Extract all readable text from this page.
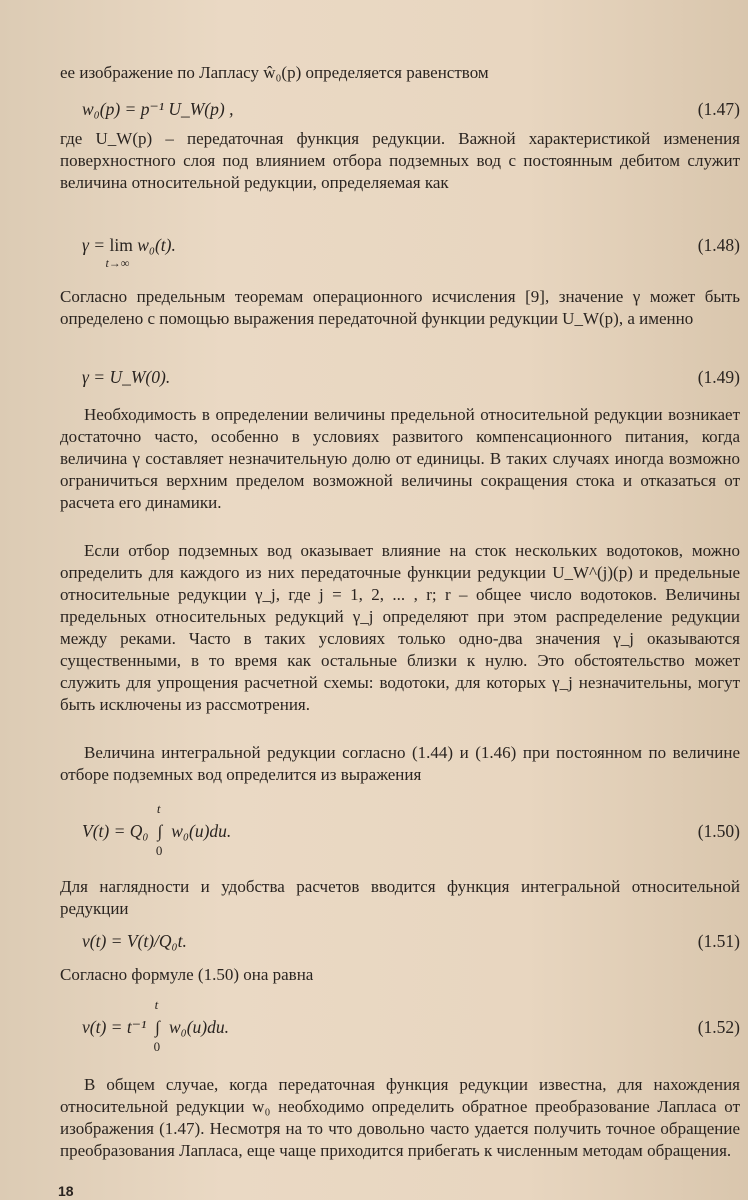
ее изображение по Лапласу ŵ₀(p) определяется равенством

w₀(p) = p⁻¹ U_W(p) ,	(1.47)

где U_W(p) – передаточная функция редукции. Важной характеристикой изменения поверхностного слоя под влиянием отбора подземных вод с постоянным дебитом служит величина относительной редукции, определяемая как

γ = lim
t→∞
w₀(t).	(1.48)

Согласно предельным теоремам операционного исчисления [9], значение γ может быть определено с помощью выражения передаточной функции редукции U_W(p), а именно

γ = U_W(0).	(1.49)

Необходимость в определении величины предельной относительной редукции возникает достаточно часто, особенно в условиях развитого компенсационного питания, когда величина γ составляет незначительную долю от единицы. В таких случаях иногда возможно ограничиться верхним пределом возможной величины сокращения стока и отказаться от расчета его динамики.

Если отбор подземных вод оказывает влияние на сток нескольких водотоков, можно определить для каждого из них передаточные функции редукции U_W^(j)(p) и предельные относительные редукции γ_j, где j = 1, 2, ... , r; r – общее число водотоков. Величины предельных относительных редукций γ_j определяют при этом распределение редукции между реками. Часто в таких условиях только одно-два значения γ_j оказываются существенными, в то время как остальные близки к нулю. Это обстоятельство может служить для упрощения расчетной схемы: водотоки, для которых γ_j незначительны, могут быть исключены из рассмотрения.

Величина интегральной редукции согласно (1.44) и (1.46) при постоянном по величине отборе подземных вод определится из выражения

V(t) = Q₀ ∫
t
0
w₀(u)du.	(1.50)

Для наглядности и удобства расчетов вводится функция интегральной относительной редукции

v(t) = V(t)/Q₀t.	(1.51)

Согласно формуле (1.50) она равна

v(t) = t⁻¹ ∫
t
0
w₀(u)du.	(1.52)

В общем случае, когда передаточная функция редукции известна, для нахождения относительной редукции w₀ необходимо определить обратное преобразование Лапласа от изображения (1.47). Несмотря на то что довольно часто удается получить точное обращение преобразования Лапласа, еще чаще приходится прибегать к численным методам обращения.

18
